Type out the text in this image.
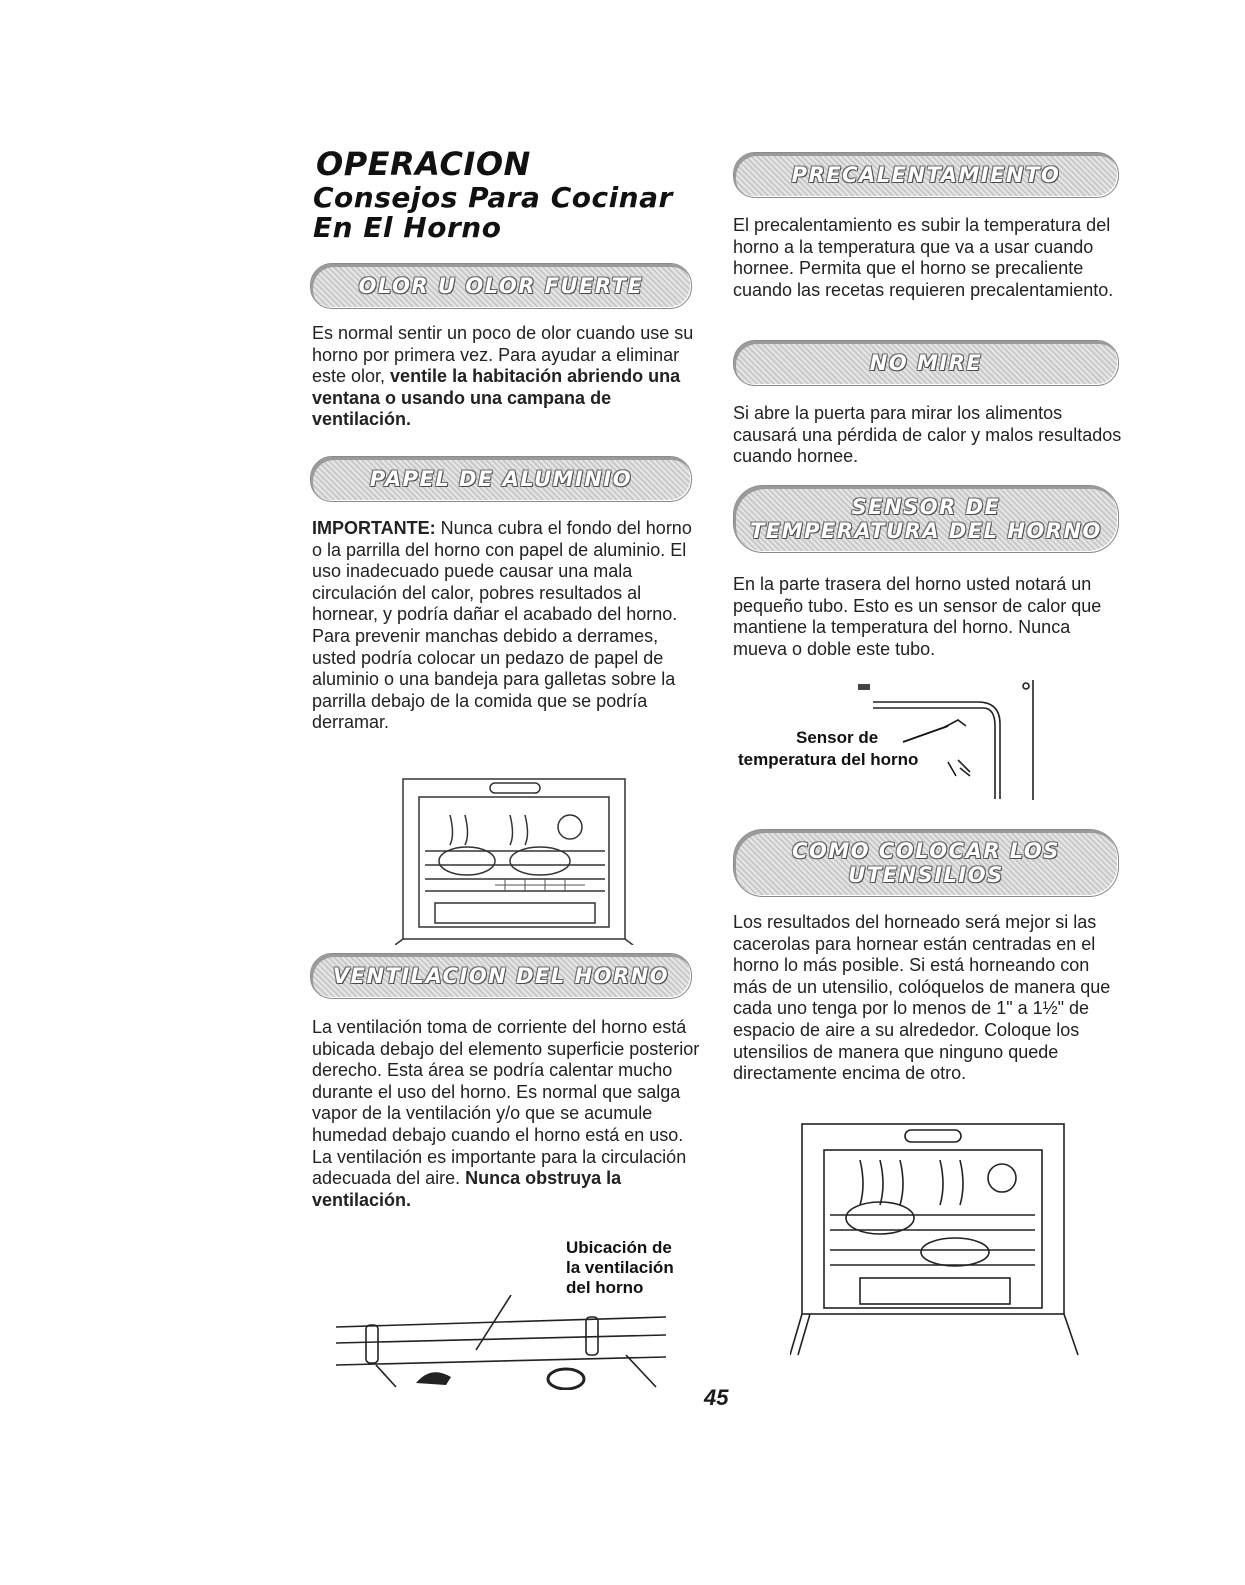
OPERACION
Consejos Para Cocinar
En El Horno
OLOR U OLOR FUERTE
Es normal sentir un poco de olor cuando use su horno por primera vez. Para ayudar a eliminar este olor, ventile la habitación abriendo una ventana o usando una campana de ventilación.
PAPEL DE ALUMINIO
IMPORTANTE: Nunca cubra el fondo del horno o la parrilla del horno con papel de aluminio. El uso inadecuado puede causar una mala circulación del calor, pobres resultados al hornear, y podría dañar el acabado del horno. Para prevenir manchas debido a derrames, usted podría colocar un pedazo de papel de aluminio o una bandeja para galletas sobre la parrilla debajo de la comida que se podría derramar.
VENTILACION DEL HORNO
La ventilación toma de corriente del horno está ubicada debajo del elemento superficie posterior derecho. Esta área se podría calentar mucho durante el uso del horno. Es normal que salga vapor de la ventilación y/o que se acumule humedad debajo cuando el horno está en uso. La ventilación es importante para la circulación adecuada del aire. Nunca obstruya la ventilación.
Ubicación de
la ventilación
del horno
PRECALENTAMIENTO
El precalentamiento es subir la temperatura del horno a la temperatura que va a usar cuando hornee. Permita que el horno se precaliente cuando las recetas requieren precalentamiento.
NO MIRE
Si abre la puerta para mirar los alimentos causará una pérdida de calor y malos resultados cuando hornee.
SENSOR DE
TEMPERATURA DEL HORNO
En la parte trasera del horno usted notará un pequeño tubo. Esto es un sensor de calor que mantiene la temperatura del horno. Nunca mueva o doble este tubo.
Sensor de
temperatura del horno
COMO COLOCAR LOS
UTENSILIOS
Los resultados del horneado será mejor si las cacerolas para hornear están centradas en el horno lo más posible. Si está horneando con más de un utensilio, colóquelos de manera que cada uno tenga por lo menos de 1" a 1½" de espacio de aire a su alrededor. Coloque los utensilios de manera que ninguno quede directamente encima de otro.
45
